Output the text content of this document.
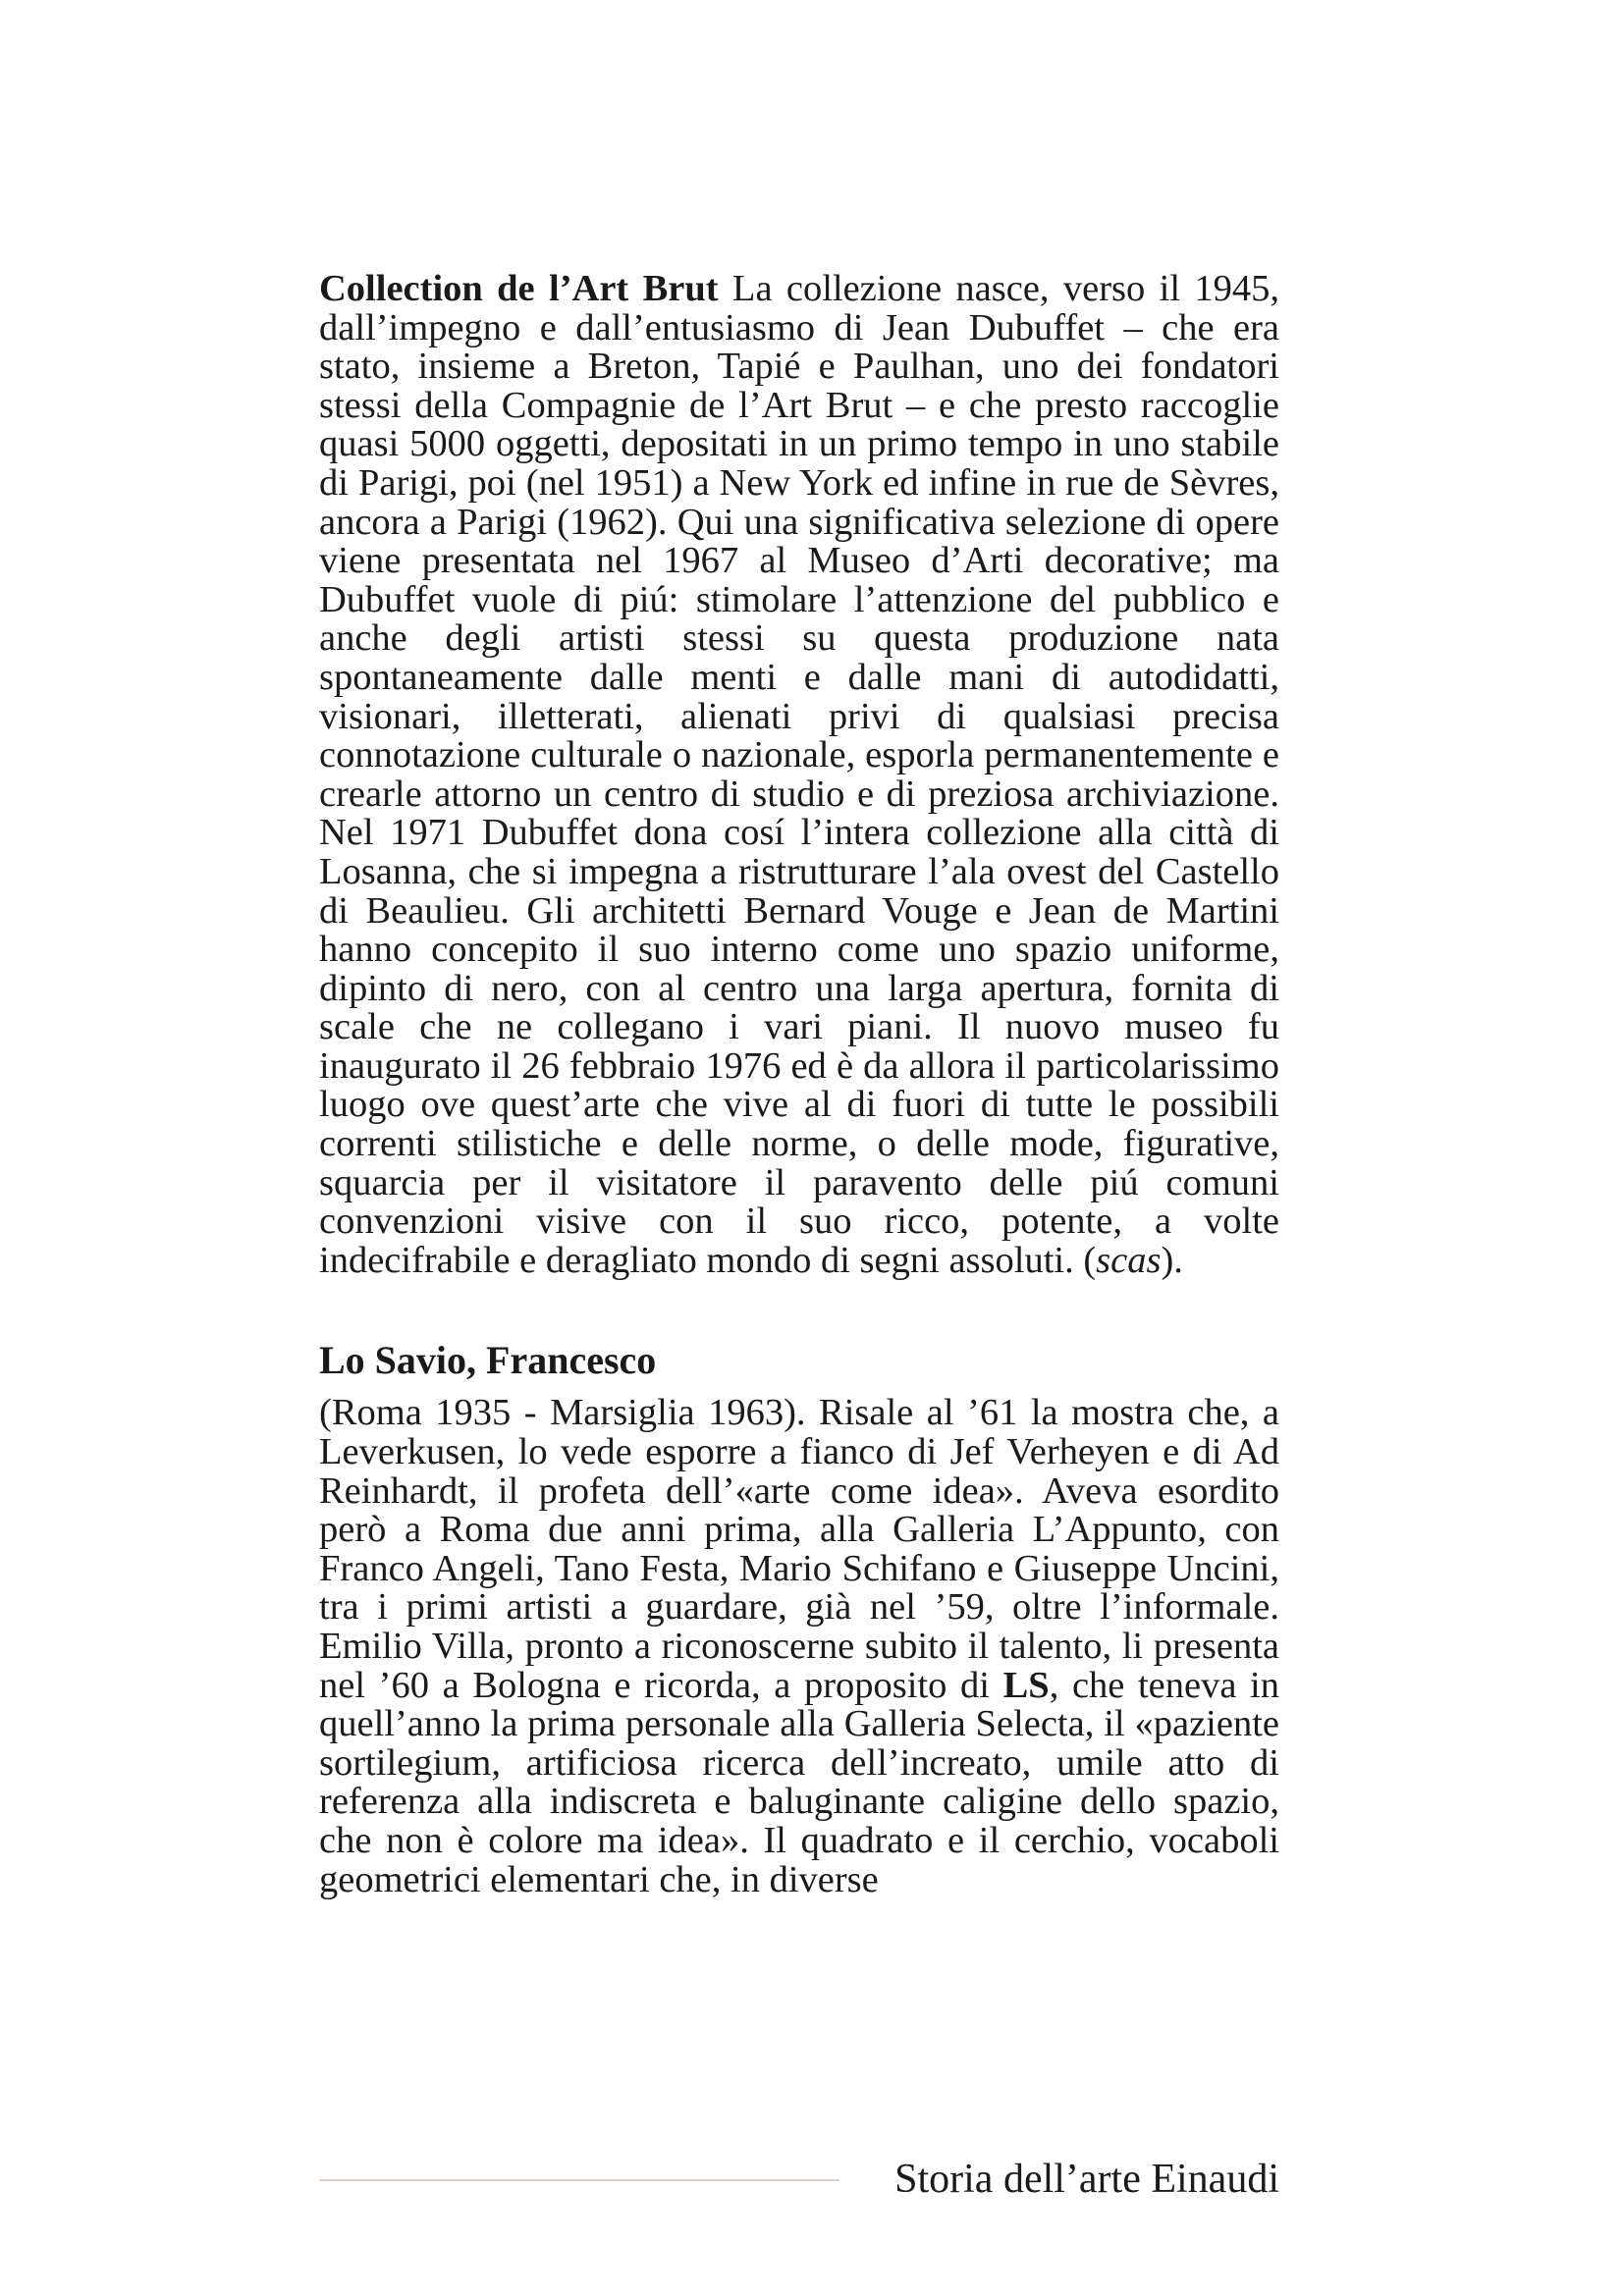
Collection de l’Art Brut La collezione nasce, verso il 1945, dall’impegno e dall’entusiasmo di Jean Dubuffet – che era stato, insieme a Breton, Tapié e Paulhan, uno dei fondatori stessi della Compagnie de l’Art Brut – e che presto raccoglie quasi 5000 oggetti, depositati in un primo tempo in uno stabile di Parigi, poi (nel 1951) a New York ed infine in rue de Sèvres, ancora a Parigi (1962). Qui una significativa selezione di opere viene presentata nel 1967 al Museo d’Arti decorative; ma Dubuffet vuole di piú: stimolare l’attenzione del pubblico e anche degli artisti stessi su questa produzione nata spontaneamente dalle menti e dalle mani di autodidatti, visionari, illetterati, alienati privi di qualsiasi precisa connotazione culturale o nazionale, esporla permanentemente e crearle attorno un centro di studio e di preziosa archiviazione. Nel 1971 Dubuffet dona cosí l’intera collezione alla città di Losanna, che si impegna a ristrutturare l’ala ovest del Castello di Beaulieu. Gli architetti Bernard Vouge e Jean de Martini hanno concepito il suo interno come uno spazio uniforme, dipinto di nero, con al centro una larga apertura, fornita di scale che ne collegano i vari piani. Il nuovo museo fu inaugurato il 26 febbraio 1976 ed è da allora il particolarissimo luogo ove quest’arte che vive al di fuori di tutte le possibili correnti stilistiche e delle norme, o delle mode, figurative, squarcia per il visitatore il paravento delle piú comuni convenzioni visive con il suo ricco, potente, a volte indecifrabile e deragliato mondo di segni assoluti. (scas).

Lo Savio, Francesco

(Roma 1935 - Marsiglia 1963). Risale al ’61 la mostra che, a Leverkusen, lo vede esporre a fianco di Jef Verheyen e di Ad Reinhardt, il profeta dell’«arte come idea». Aveva esordito però a Roma due anni prima, alla Galleria L’Appunto, con Franco Angeli, Tano Festa, Mario Schifano e Giuseppe Uncini, tra i primi artisti a guardare, già nel ’59, oltre l’informale. Emilio Villa, pronto a riconoscerne subito il talento, li presenta nel ’60 a Bologna e ricorda, a proposito di LS, che teneva in quell’anno la prima personale alla Galleria Selecta, il «paziente sortilegium, artificiosa ricerca dell’increato, umile atto di referenza alla indiscreta e baluginante caligine dello spazio, che non è colore ma idea». Il quadrato e il cerchio, vocaboli geometrici elementari che, in diverse

Storia dell’arte Einaudi
